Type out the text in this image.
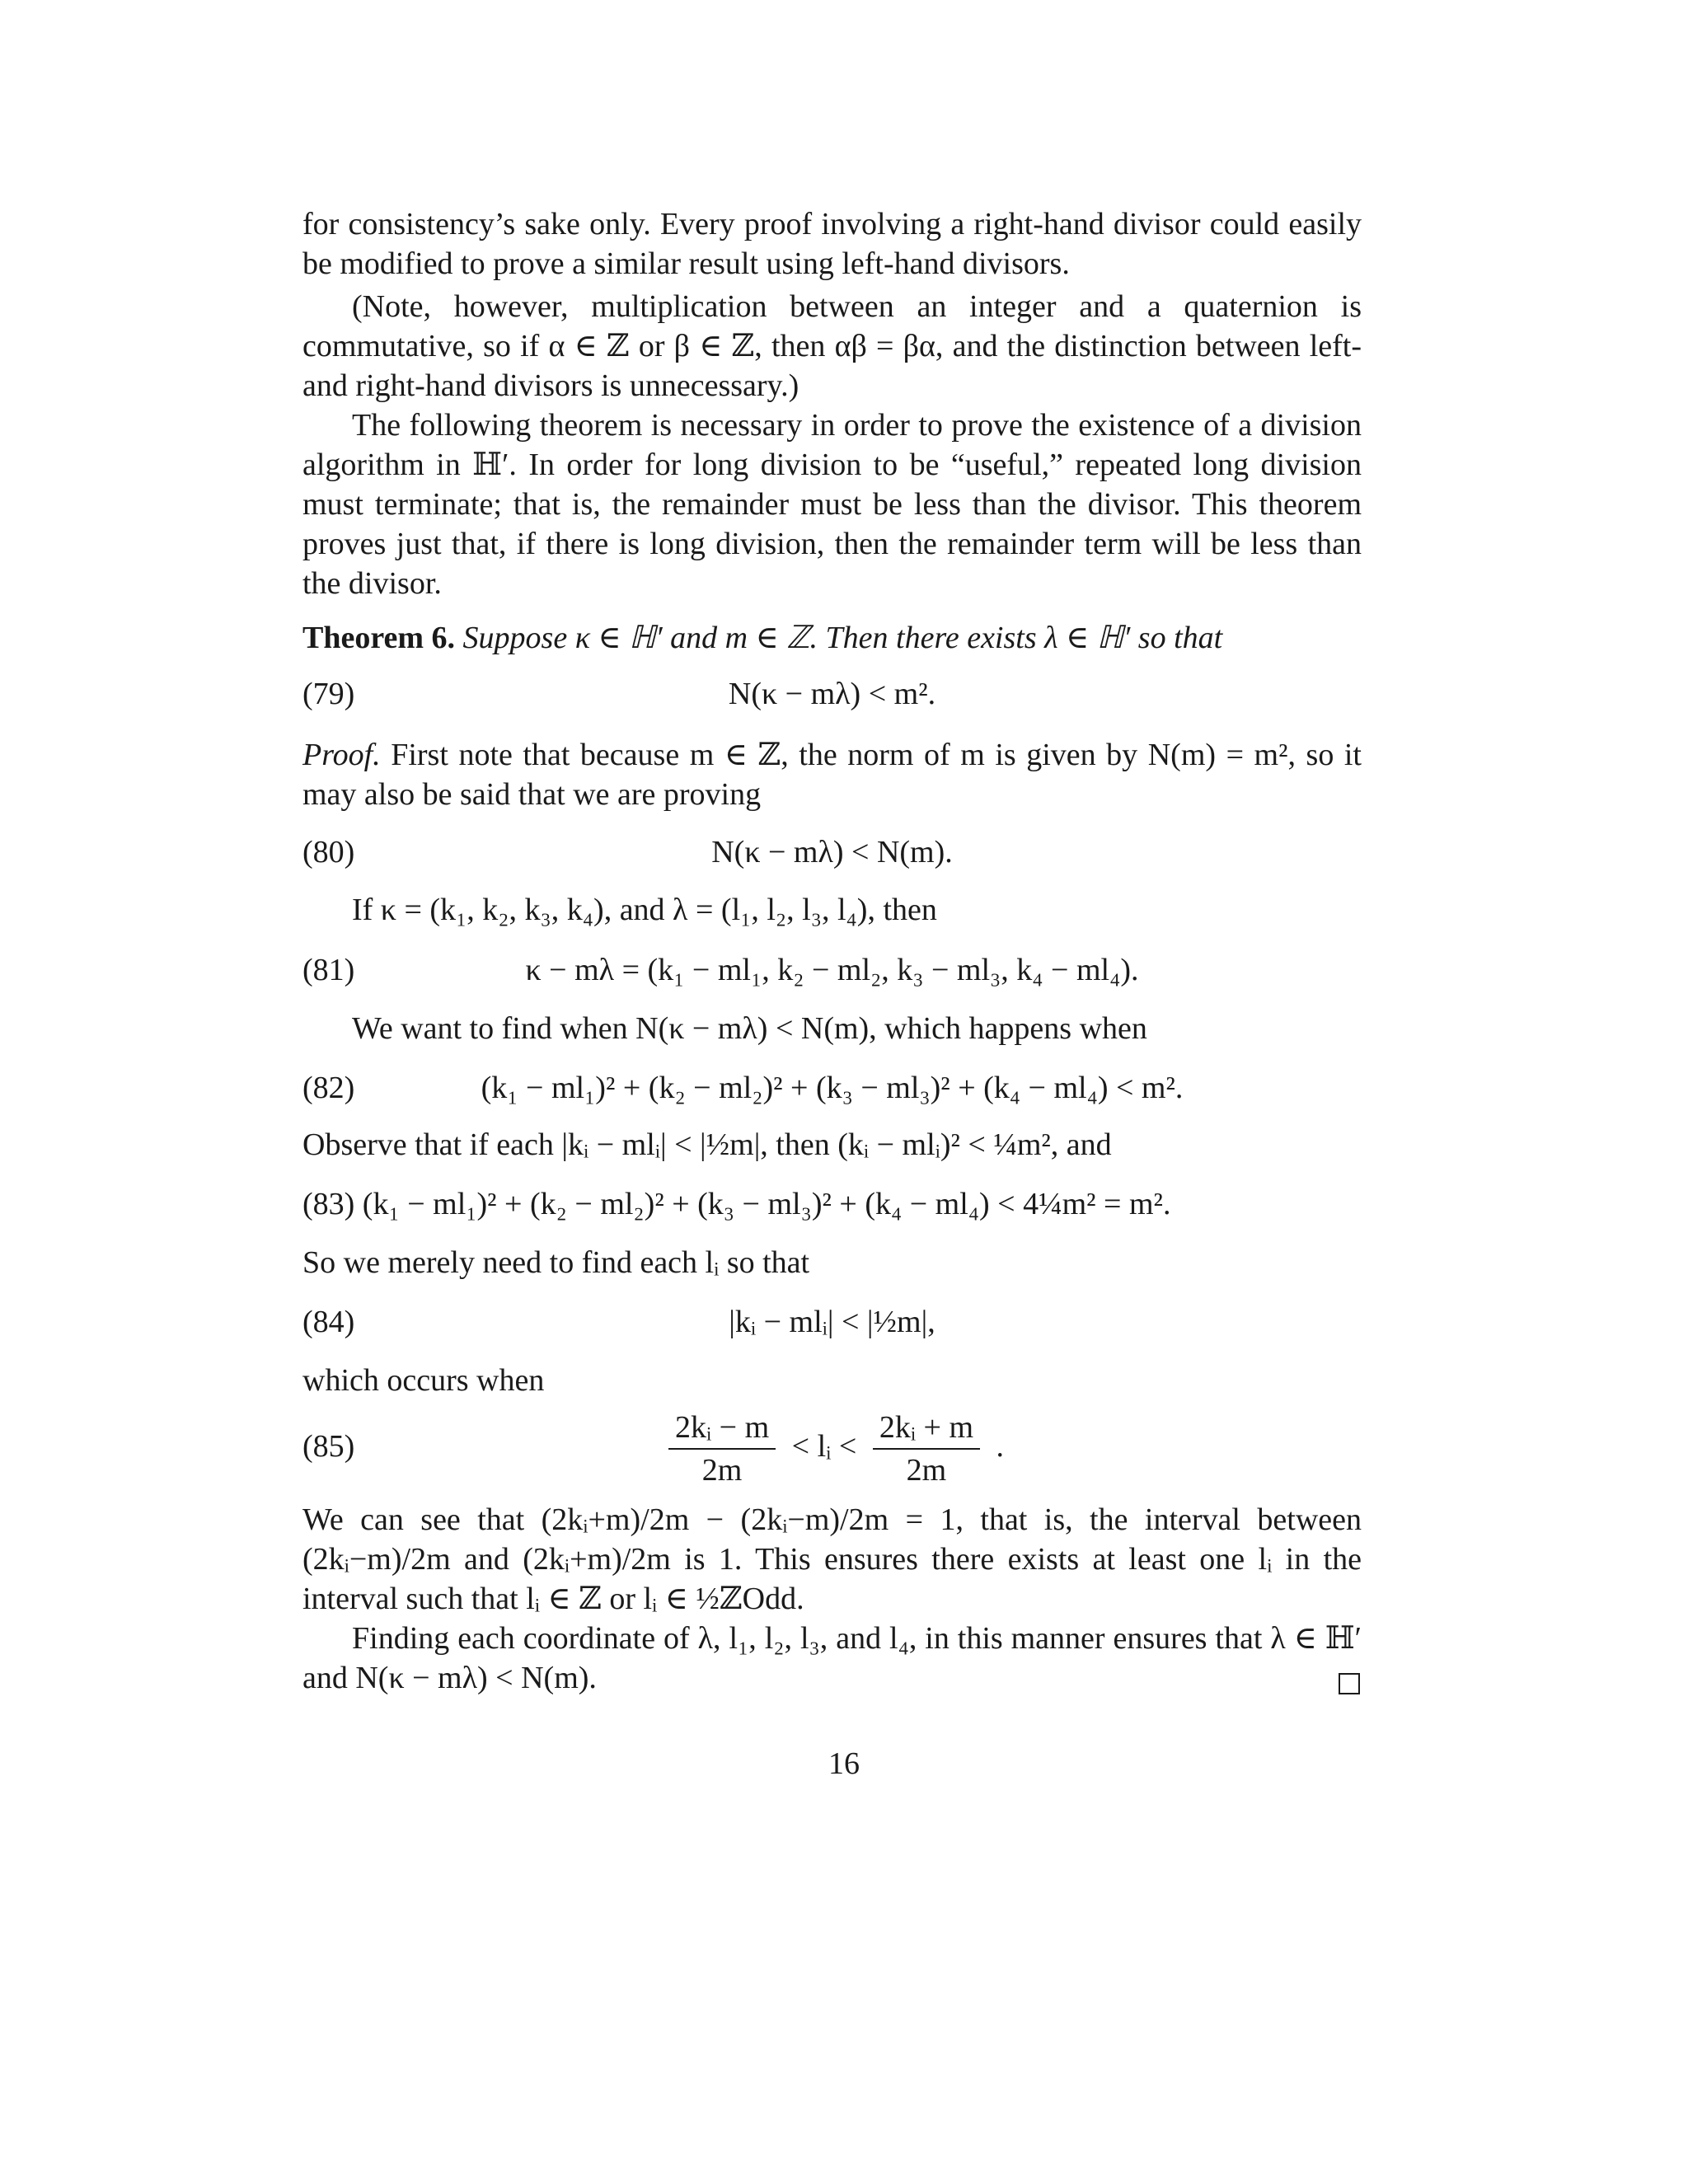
for consistency’s sake only. Every proof involving a right-hand divisor could easily be modified to prove a similar result using left-hand divisors.
(Note, however, multiplication between an integer and a quaternion is commutative, so if α ∈ ℤ or β ∈ ℤ, then αβ = βα, and the distinction between left- and right-hand divisors is unnecessary.)
The following theorem is necessary in order to prove the existence of a division algorithm in ℍ′. In order for long division to be “useful,” repeated long division must terminate; that is, the remainder must be less than the divisor. This theorem proves just that, if there is long division, then the remainder term will be less than the divisor.
Theorem 6. Suppose κ ∈ ℍ′ and m ∈ ℤ. Then there exists λ ∈ ℍ′ so that
(79)	N(κ − mλ) < m².
Proof. First note that because m ∈ ℤ, the norm of m is given by N(m) = m², so it may also be said that we are proving
(80)	N(κ − mλ) < N(m).
If κ = (k₁, k₂, k₃, k₄), and λ = (l₁, l₂, l₃, l₄), then
(81)	κ − mλ = (k₁ − ml₁, k₂ − ml₂, k₃ − ml₃, k₄ − ml₄).
We want to find when N(κ − mλ) < N(m), which happens when
(82)	(k₁ − ml₁)² + (k₂ − ml₂)² + (k₃ − ml₃)² + (k₄ − ml₄) < m².
Observe that if each |kᵢ − mlᵢ| < |½m|, then (kᵢ − mlᵢ)² < ¼m², and
(83) (k₁ − ml₁)² + (k₂ − ml₂)² + (k₃ − ml₃)² + (k₄ − ml₄) < 4¼m² = m².
So we merely need to find each lᵢ so that
(84)	|kᵢ − mlᵢ| < |½m|,
which occurs when
(85)	$\frac{\text{2kᵢ − m}}{2m}$ < lᵢ < $\frac{\text{2kᵢ + m}}{2m}$ .
We can see that (2kᵢ+m)/2m − (2kᵢ−m)/2m = 1, that is, the interval between (2kᵢ−m)/2m and (2kᵢ+m)/2m is 1. This ensures there exists at least one lᵢ in the interval such that lᵢ ∈ ℤ or lᵢ ∈ ½ℤOdd.
Finding each coordinate of λ, l₁, l₂, l₃, and l₄, in this manner ensures that λ ∈ ℍ′ and N(κ − mλ) < N(m).
16
